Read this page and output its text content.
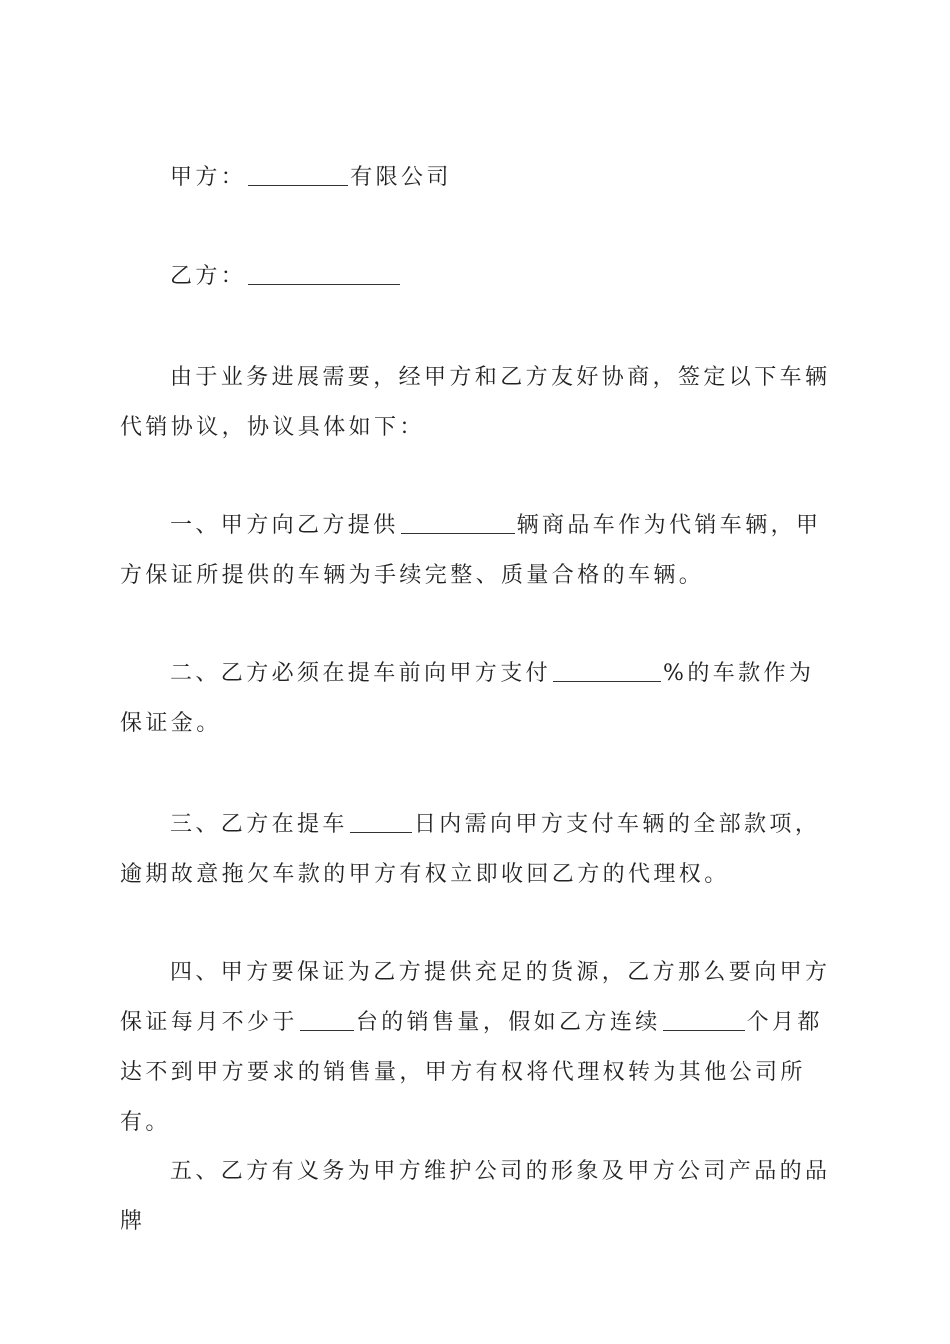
甲方：	有限公司

乙方：

由于业务进展需要，经甲方和乙方友好协商，签定以下车辆代销协议，协议具体如下：

一、甲方向乙方提供	辆商品车作为代销车辆，甲方保证所提供的车辆为手续完整、质量合格的车辆。

二、乙方必须在提车前向甲方支付	%的车款作为保证金。

三、乙方在提车	日内需向甲方支付车辆的全部款项，逾期故意拖欠车款的甲方有权立即收回乙方的代理权。

四、甲方要保证为乙方提供充足的货源，乙方那么要向甲方保证每月不少于	台的销售量，假如乙方连续	个月都达不到甲方要求的销售量，甲方有权将代理权转为其他公司所有。

五、乙方有义务为甲方维护公司的形象及甲方公司产品的品牌
